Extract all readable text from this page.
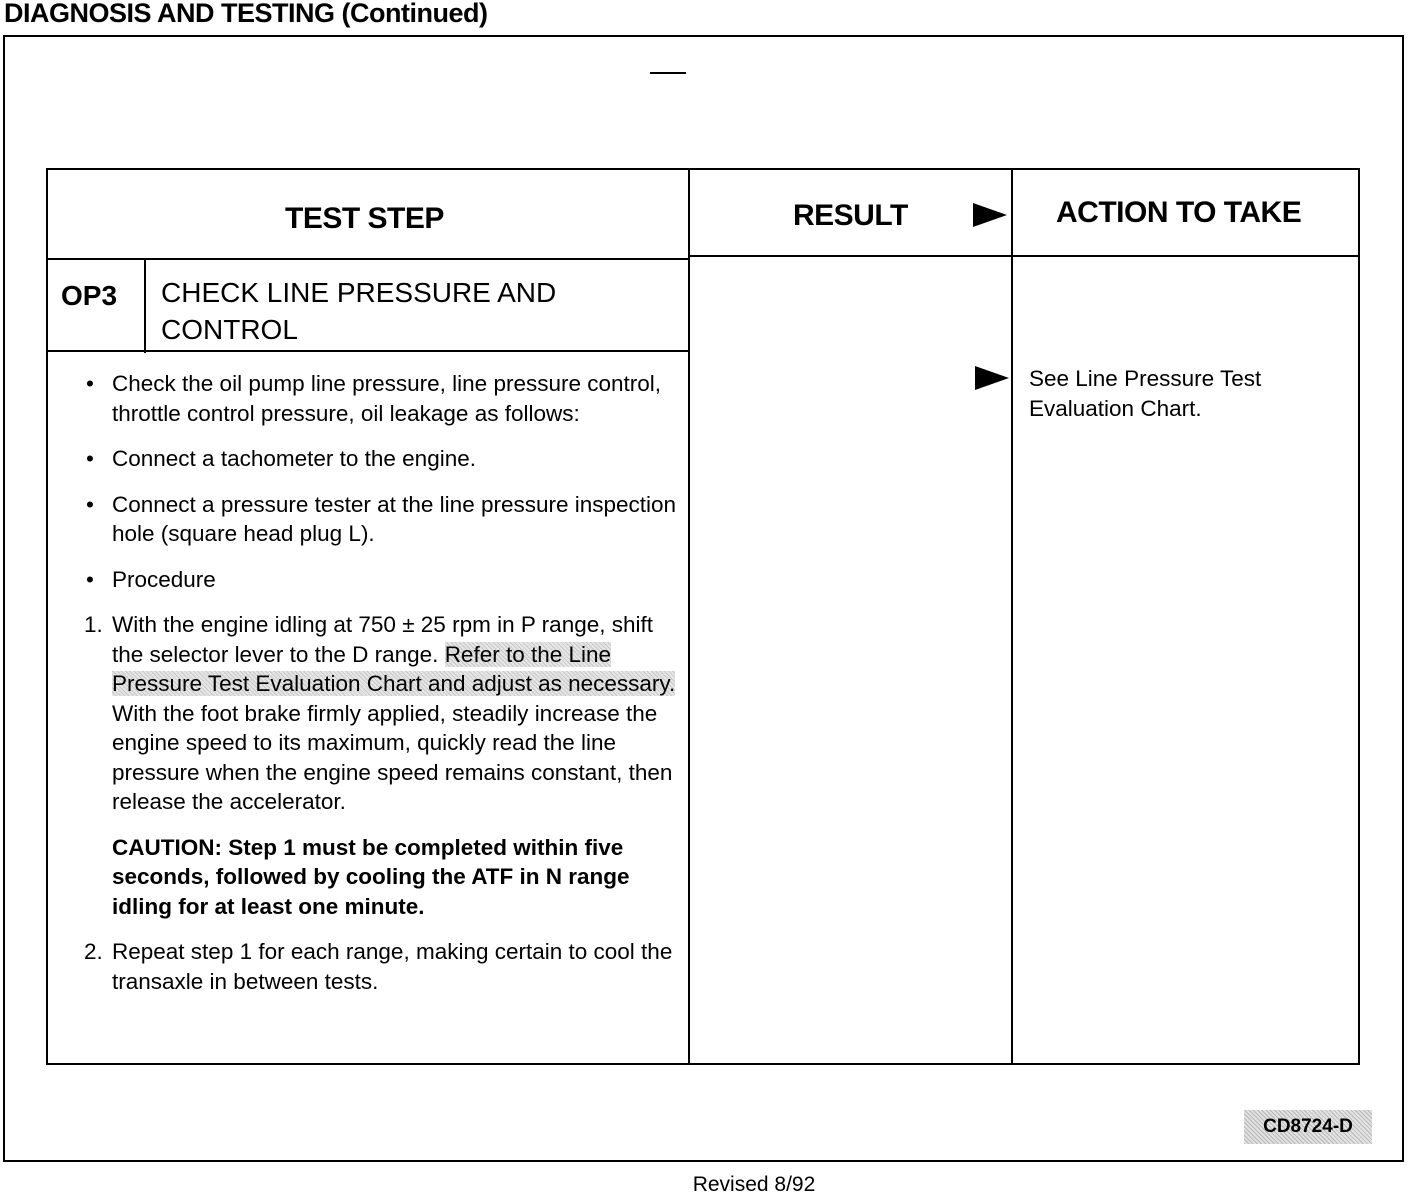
DIAGNOSIS AND TESTING (Continued)
TEST STEP	RESULT	ACTION TO TAKE
OP3 CHECK LINE PRESSURE AND
CONTROL
• Check the oil pump line pressure, line pressure control, throttle control pressure, oil leakage as follows:
• Connect a tachometer to the engine.
• Connect a pressure tester at the line pressure inspection hole (square head plug L).
• Procedure
1. With the engine idling at 750 ± 25 rpm in P range, shift the selector lever to the D range. Refer to the Line Pressure Test Evaluation Chart and adjust as necessary. With the foot brake firmly applied, steadily increase the engine speed to its maximum, quickly read the line pressure when the engine speed remains constant, then release the accelerator.
CAUTION: Step 1 must be completed within five seconds, followed by cooling the ATF in N range idling for at least one minute.
2. Repeat step 1 for each range, making certain to cool the transaxle in between tests.
See Line Pressure Test Evaluation Chart.
CD8724-D
Revised 8/92
